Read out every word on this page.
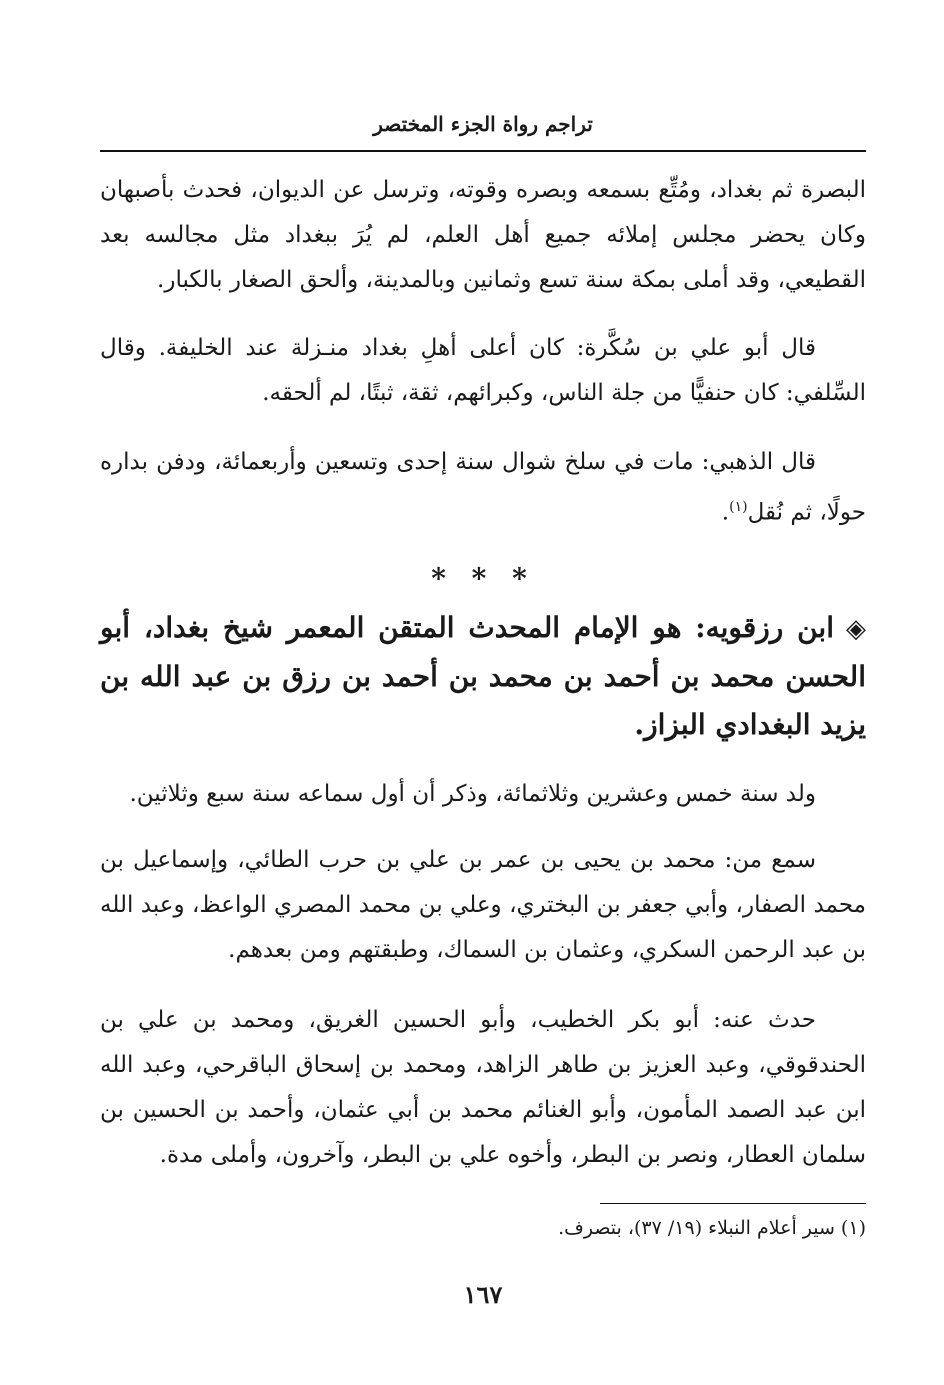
تراجم رواة الجزء المختصر

البصرة ثم بغداد، ومُتِّع بسمعه وبصره وقوته، وترسل عن الديوان، فحدث بأصبهان وكان يحضر مجلس إملائه جميع أهل العلم، لم يُرَ ببغداد مثل مجالسه بعد القطيعي، وقد أملى بمكة سنة تسع وثمانين وبالمدينة، وألحق الصغار بالكبار.

قال أبو علي بن سُكَّرة: كان أعلى أهلِ بغداد منـزلة عند الخليفة. وقال السِّلفي: كان حنفيًّا من جلة الناس، وكبرائهم، ثقة، ثبتًا، لم ألحقه.

قال الذهبي: مات في سلخ شوال سنة إحدى وتسعين وأربعمائة، ودفن بداره حولًا، ثم نُقل$^{(١)}$.

* * *

◈ابن رزقويه: هو الإمام المحدث المتقن المعمر شيخ بغداد، أبو الحسن محمد بن أحمد بن محمد بن أحمد بن رزق بن عبد الله بن يزيد البغدادي البزاز.

ولد سنة خمس وعشرين وثلاثمائة، وذكر أن أول سماعه سنة سبع وثلاثين.

سمع من: محمد بن يحيى بن عمر بن علي بن حرب الطائي، وإسماعيل بن محمد الصفار، وأبي جعفر بن البختري، وعلي بن محمد المصري الواعظ، وعبد الله بن عبد الرحمن السكري، وعثمان بن السماك، وطبقتهم ومن بعدهم.

حدث عنه: أبو بكر الخطيب، وأبو الحسين الغريق، ومحمد بن علي بن الحندقوقي، وعبد العزيز بن طاهر الزاهد، ومحمد بن إسحاق الباقرحي، وعبد الله ابن عبد الصمد المأمون، وأبو الغنائم محمد بن أبي عثمان، وأحمد بن الحسين بن سلمان العطار، ونصر بن البطر، وأخوه علي بن البطر، وآخرون، وأملى مدة.

(١) سير أعلام النبلاء (١٩/ ٣٧)، بتصرف.
١٦٧
